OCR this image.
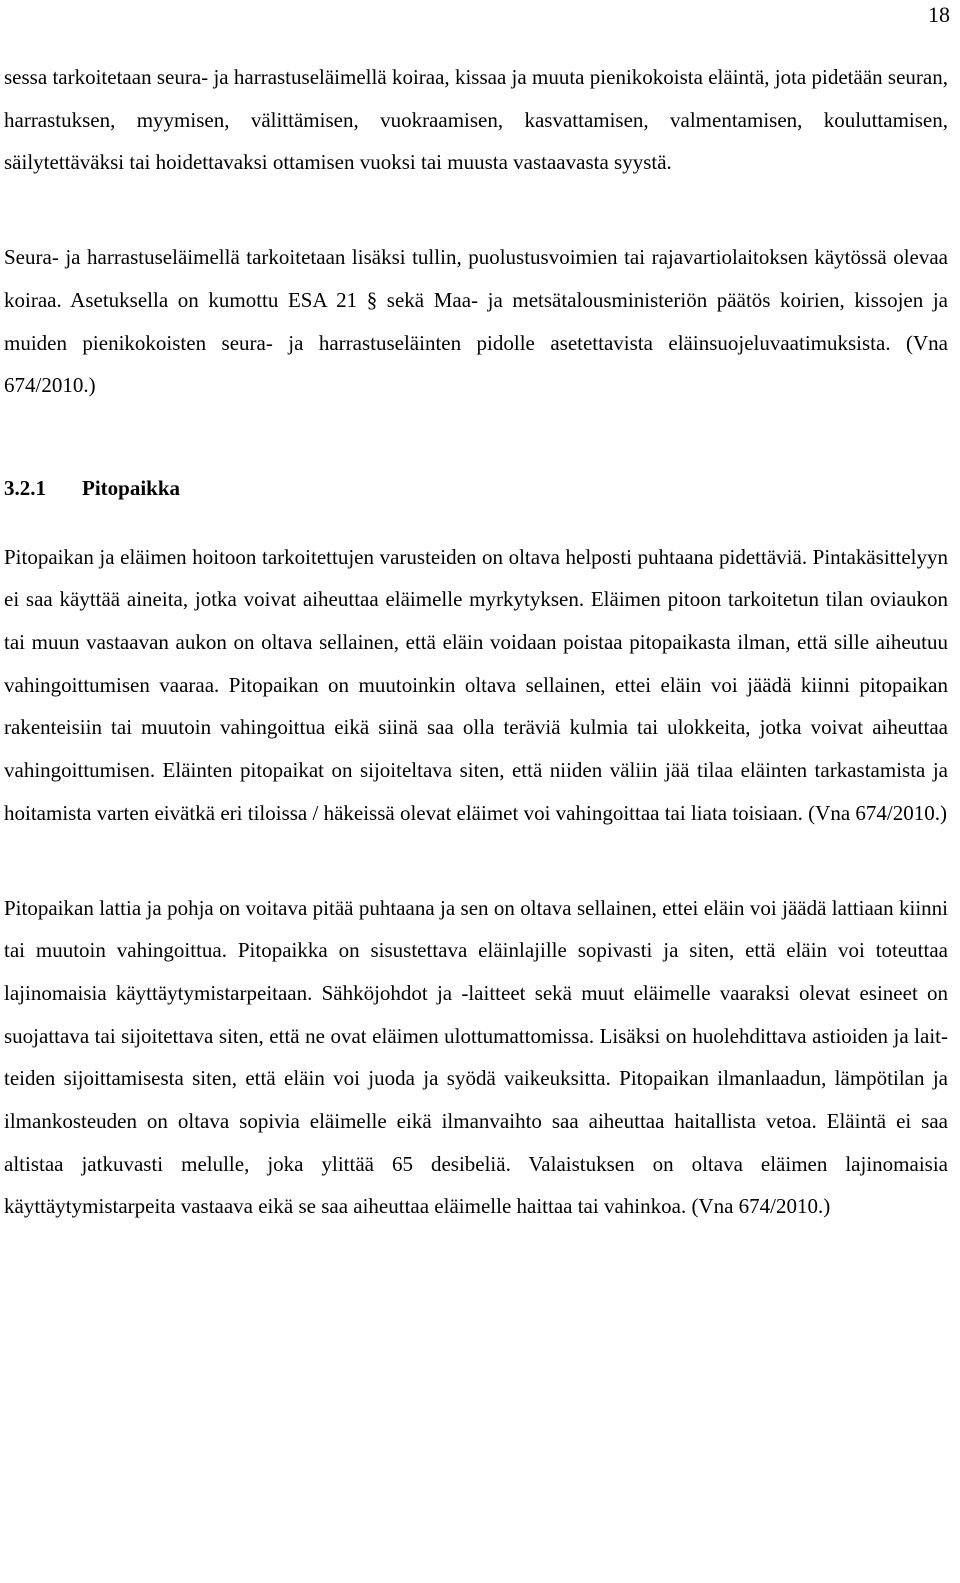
18

sessa tarkoitetaan seura- ja harrastuseläimellä koiraa, kissaa ja muuta pienikokoista eläintä, jota pidetään seuran, harrastuksen, myymisen, välittämisen, vuokraamisen, kasvattamisen, valmentamisen, kouluttamisen, säilytettäväksi tai hoidettavaksi ottamisen vuoksi tai muusta vastaavasta syystä.

Seura- ja harrastuseläimellä tarkoitetaan lisäksi tullin, puolustusvoimien tai rajavartiolaitoksen käytössä olevaa koiraa. Asetuksella on kumottu ESA 21 § sekä Maa- ja metsätalousministeriön päätös koirien, kissojen ja muiden pienikokoisten seura- ja harrastuseläinten pidolle asetettavista eläinsuojeluvaatimuksista. (Vna 674/2010.)

3.2.1 Pitopaikka

Pitopaikan ja eläimen hoitoon tarkoitettujen varusteiden on oltava helposti puhtaana pidettäviä. Pintakäsittelyyn ei saa käyttää aineita, jotka voivat aiheuttaa eläimelle myrkytyksen. Eläimen pitoon tarkoitetun tilan oviaukon tai muun vastaavan aukon on oltava sellainen, että eläin voidaan poistaa pitopaikasta ilman, että sille aiheutuu vahingoittumisen vaaraa. Pitopaikan on muutoinkin oltava sellainen, ettei eläin voi jäädä kiinni pitopaikan rakenteisiin tai muutoin vahingoittua eikä siinä saa olla teräviä kulmia tai ulokkeita, jotka voivat aiheuttaa vahingoittumisen. Eläinten pitopaikat on sijoiteltava siten, että niiden väliin jää tilaa eläinten tarkastamista ja hoitamista varten eivätkä eri tiloissa / häkeissä olevat eläimet voi vahingoittaa tai liata toisiaan. (Vna 674/2010.)

Pitopaikan lattia ja pohja on voitava pitää puhtaana ja sen on oltava sellainen, ettei eläin voi jäädä lattiaan kiinni tai muutoin vahingoittua. Pitopaikka on sisustettava eläinlajille sopivasti ja siten, että eläin voi toteuttaa lajinomaisia käyttäytymistarpeitaan. Sähköjohdot ja -laitteet sekä muut eläimelle vaaraksi olevat esineet on suojattava tai sijoitettava siten, että ne ovat eläimen ulottumattomissa. Lisäksi on huolehdittava astioiden ja laitteiden sijoittamisesta siten, että eläin voi juoda ja syödä vaikeuksitta. Pitopaikan ilmanlaadun, lämpötilan ja ilmankosteuden on oltava sopivia eläimelle eikä ilmanvaihto saa aiheuttaa haitallista vetoa. Eläintä ei saa altistaa jatkuvasti melulle, joka ylittää 65 desibeliä. Valaistuksen on oltava eläimen lajinomaisia käyttäytymistarpeita vastaava eikä se saa aiheuttaa eläimelle haittaa tai vahinkoa. (Vna 674/2010.)
